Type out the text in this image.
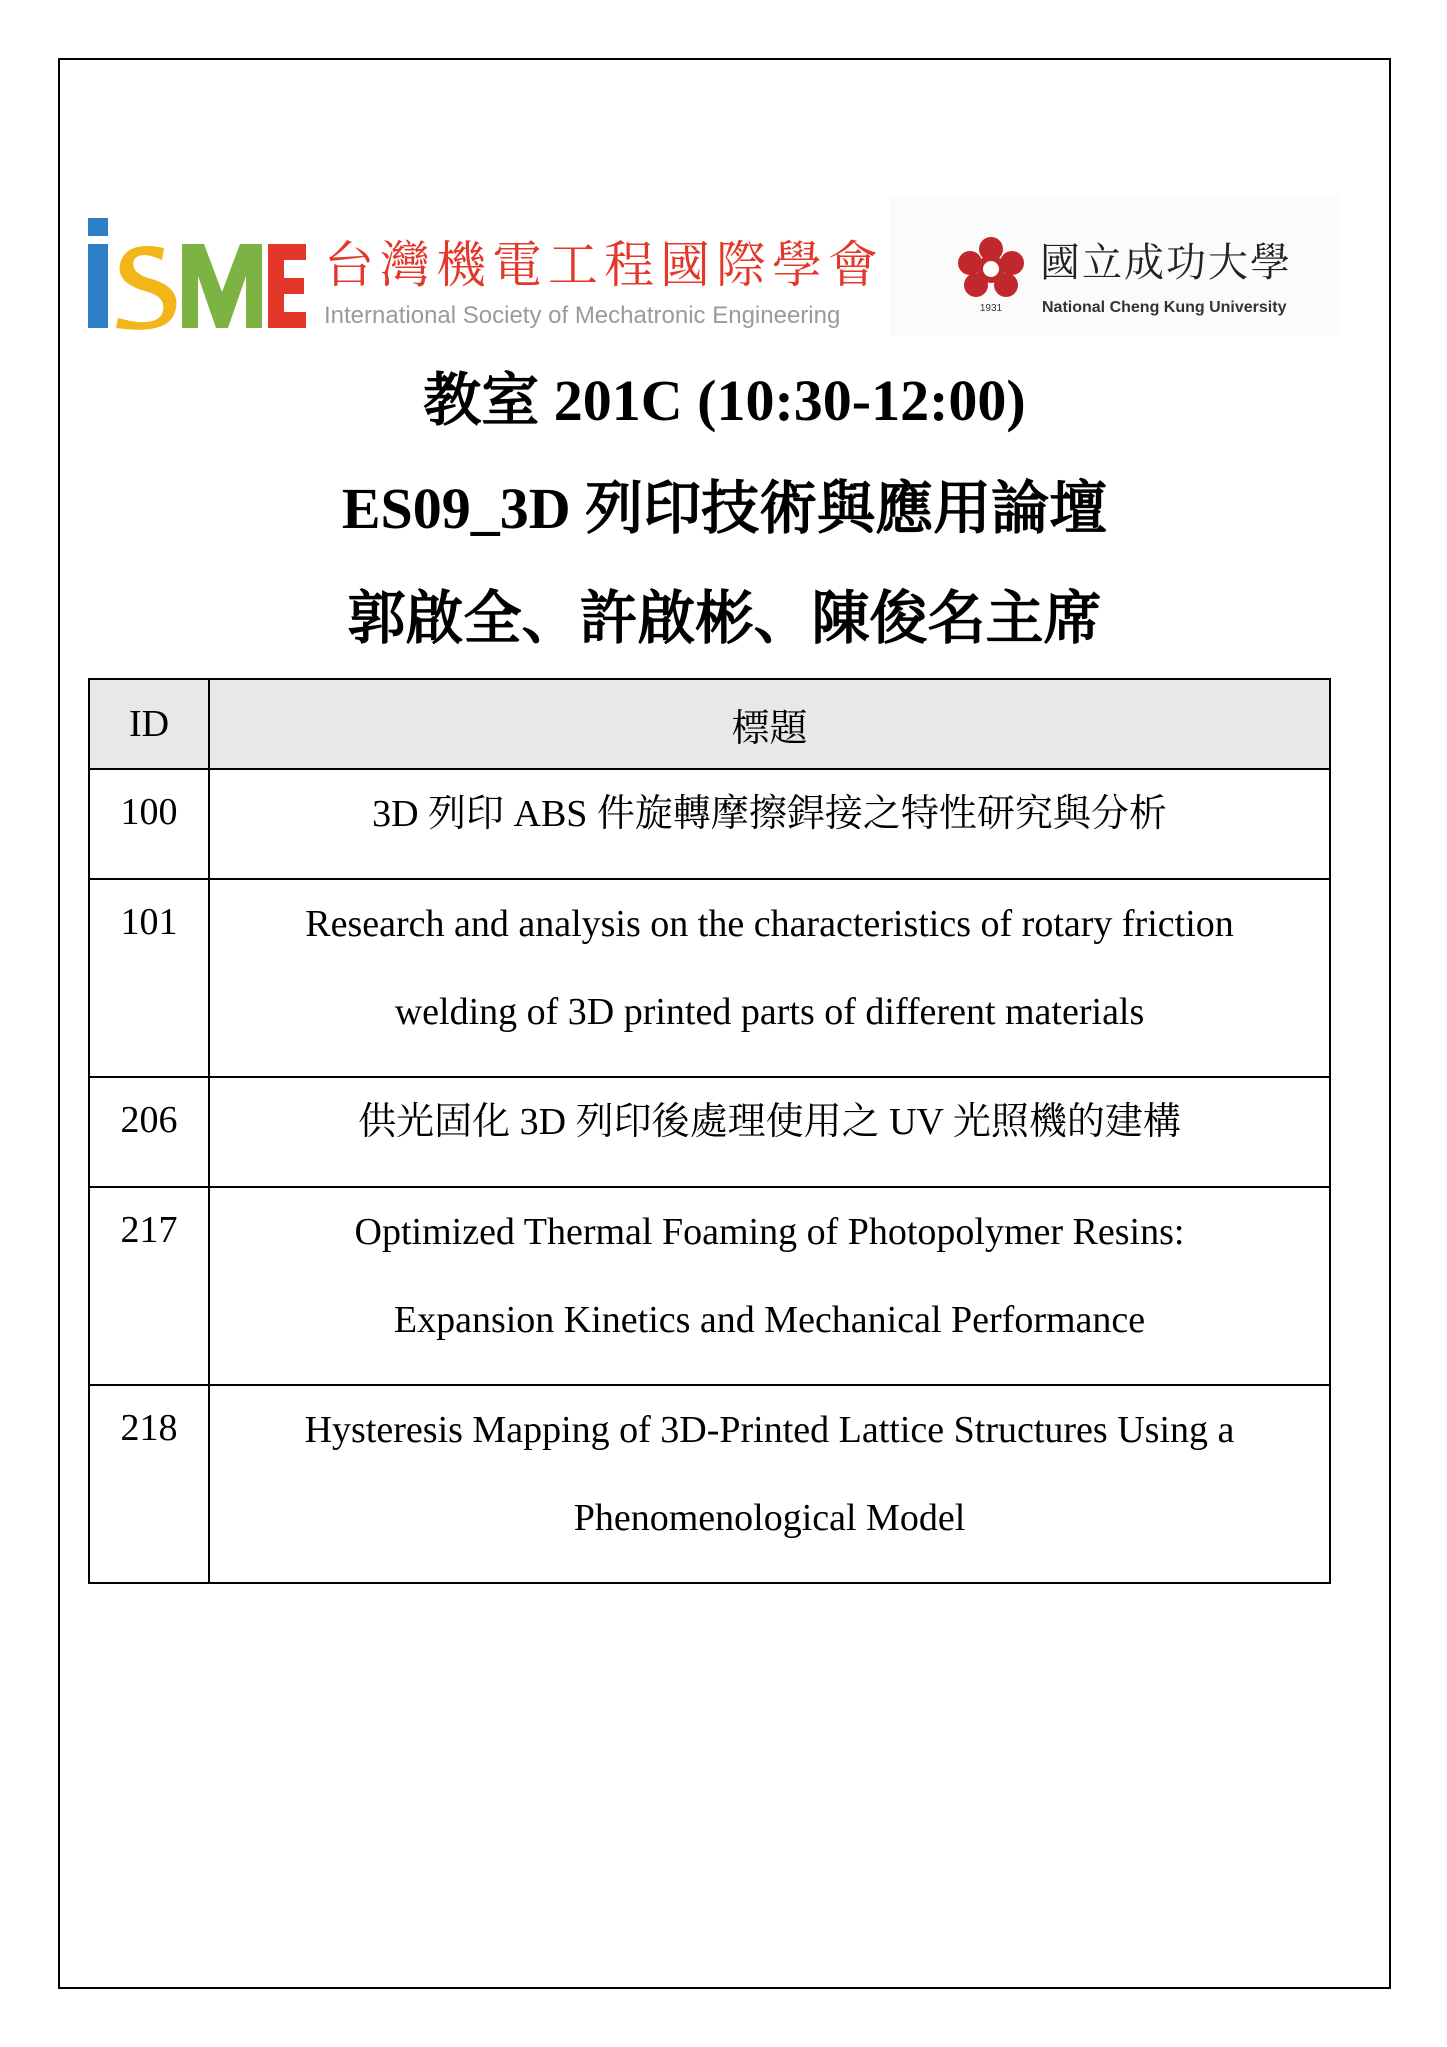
台灣機電工程國際學會
International Society of Mechatronic Engineering	1931
國立成功大學
National Cheng Kung University
教室 201C (10:30-12:00)
ES09_3D 列印技術與應用論壇
郭啟全、許啟彬、陳俊名主席
ID	標題
100	3D 列印 ABS 件旋轉摩擦銲接之特性研究與分析

101	Research and analysis on the characteristics of rotary friction
welding of 3D printed parts of different materials

206	供光固化 3D 列印後處理使用之 UV 光照機的建構

217	Optimized Thermal Foaming of Photopolymer Resins:
Expansion Kinetics and Mechanical Performance

218	Hysteresis Mapping of 3D-Printed Lattice Structures Using a
Phenomenological Model
